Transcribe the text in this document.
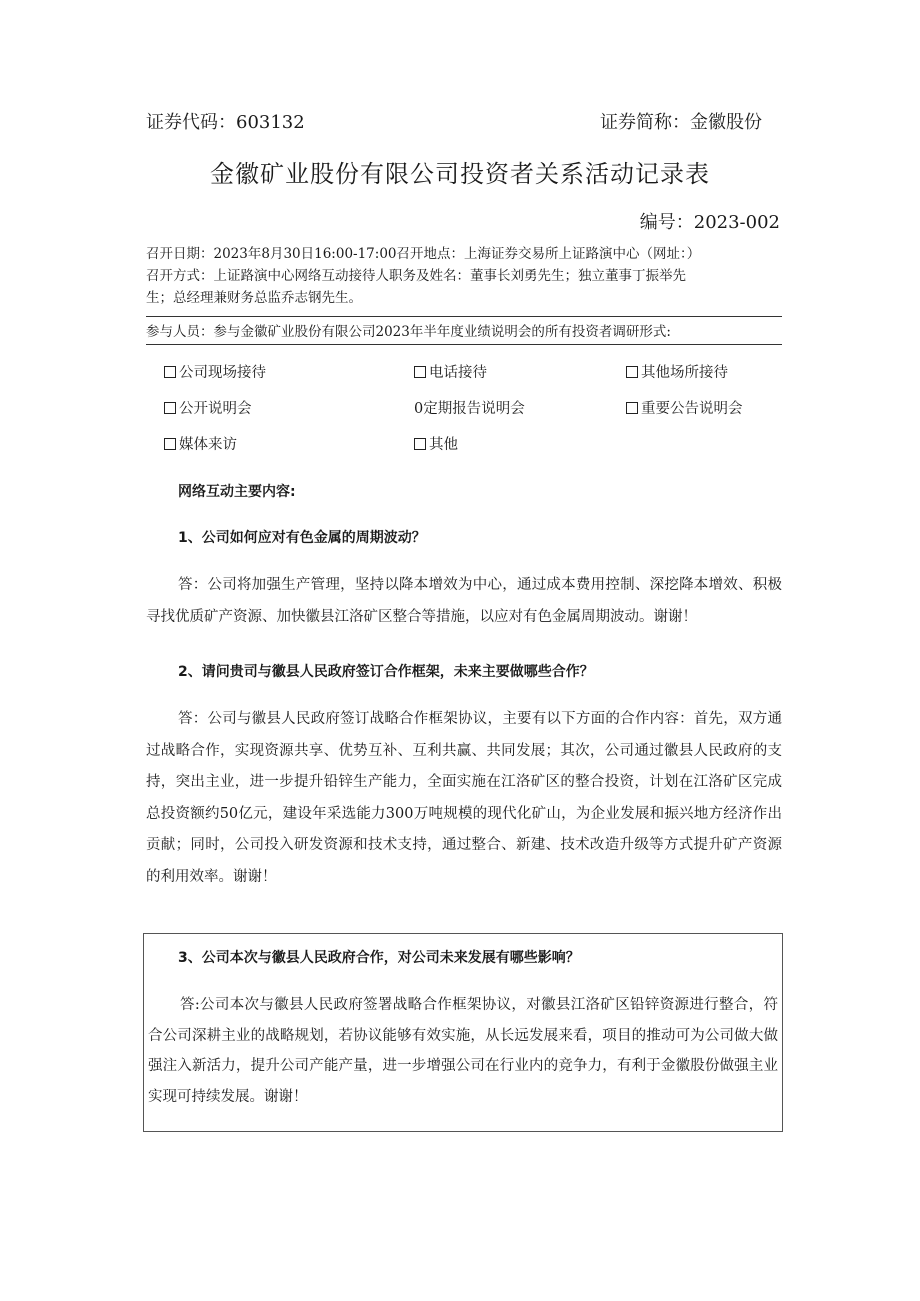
证券代码：603132	证券简称：金徽股份
金徽矿业股份有限公司投资者关系活动记录表
编号：2023-002
召开日期：2023年8月30日16:00-17:00召开地点：上海证券交易所上证路演中心（网址：）
召开方式：上证路演中心网络互动接待人职务及姓名：董事长刘勇先生；独立董事丁振举先
生；总经理兼财务总监乔志钢先生。
参与人员：参与金徽矿业股份有限公司2023年半年度业绩说明会的所有投资者调研形式:
公司现场接待	电话接待	其他场所接待
公开说明会	0定期报告说明会	重要公告说明会
媒体来访	其他
网络互动主要内容:
1、公司如何应对有色金属的周期波动？
答：公司将加强生产管理，坚持以降本增效为中心，通过成本费用控制、深挖降本增效、积极寻找优质矿产资源、加快徽县江洛矿区整合等措施，以应对有色金属周期波动。谢谢！
2、请问贵司与徽县人民政府签订合作框架，未来主要做哪些合作？
答：公司与徽县人民政府签订战略合作框架协议，主要有以下方面的合作内容：首先，双方通过战略合作，实现资源共享、优势互补、互利共赢、共同发展；其次，公司通过徽县人民政府的支持，突出主业，进一步提升铅锌生产能力，全面实施在江洛矿区的整合投资，计划在江洛矿区完成总投资额约50亿元，建设年采选能力300万吨规模的现代化矿山，为企业发展和振兴地方经济作出贡献；同时，公司投入研发资源和技术支持，通过整合、新建、技术改造升级等方式提升矿产资源的利用效率。谢谢！
3、公司本次与徽县人民政府合作，对公司未来发展有哪些影响？
答:公司本次与徽县人民政府签署战略合作框架协议，对徽县江洛矿区铅锌资源进行整合，符合公司深耕主业的战略规划，若协议能够有效实施，从长远发展来看，项目的推动可为公司做大做强注入新活力，提升公司产能产量，进一步增强公司在行业内的竞争力，有利于金徽股份做强主业实现可持续发展。谢谢！
